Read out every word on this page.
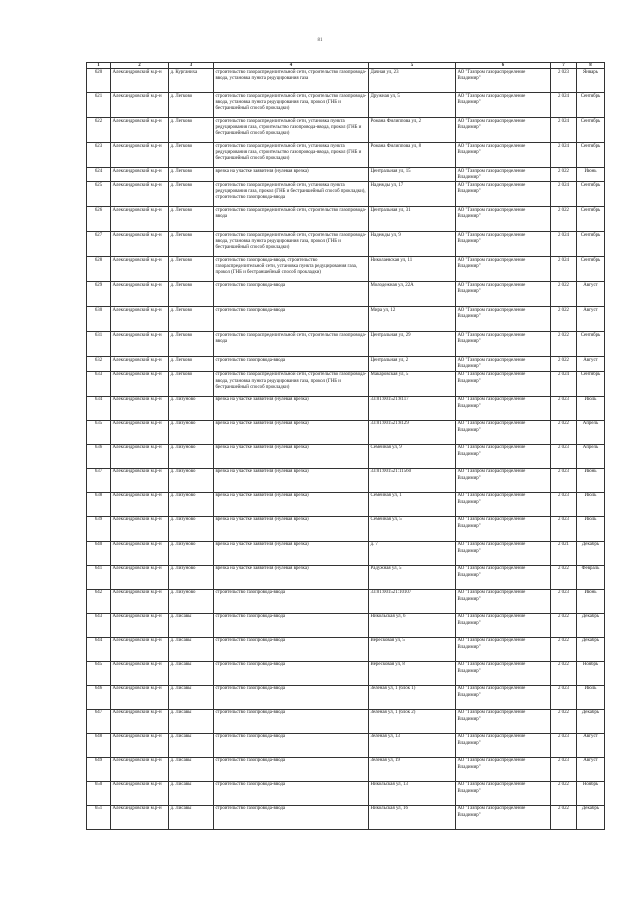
81
1	2	3	4	5	6	7	8
620	Александровский м.р-н	д. Курганиха	строительство газораспределительной сети, строительство газопровода-ввода, установка пункта редуцирования газа	Дачная ул, 23	АО "Газпром газораспределение Владимир"	2 023	Январь
621	Александровский м.р-н	д. Легково	строительство газораспределительной сети, строительство газопровода-ввода, установка пункта редуцирования газа, прокол (ГНБ и бестраншейный способ прокладки)	Дружная ул, 5	АО "Газпром газораспределение Владимир"	2 024	Сентябрь
622	Александровский м.р-н	д. Легково	строительство газораспределительной сети, установка пункта редуцирования газа, строительство газопровода-ввода, прокол (ГНБ и бестраншейный способ прокладки)	Романа Филиппова ул, 2	АО "Газпром газораспределение Владимир"	2 024	Сентябрь
623	Александровский м.р-н	д. Легково	строительство газораспределительной сети, установка пункта редуцирования газа, строительство газопровода-ввода, прокол (ГНБ и бестраншейный способ прокладки)	Романа Филиппова ул, 8	АО "Газпром газораспределение Владимир"	2 024	Сентябрь
624	Александровский м.р-н	д. Легково	врезка на участке заявителя (нулевая врезка)	Центральная ул, 15	АО "Газпром газораспределение Владимир"	2 022	Июнь
625	Александровский м.р-н	д. Легково	строительство газораспределительной сети, установка пункта редуцирования газа, прокол (ГНБ и бестраншейный способ прокладки), строительство газопровода-ввода	Надежды ул, 17	АО "Газпром газораспределение Владимир"	2 024	Сентябрь
626	Александровский м.р-н	д. Легково	строительство газораспределительной сети, строительство газопровода-ввода	Центральная ул, 31	АО "Газпром газораспределение Владимир"	2 022	Сентябрь
627	Александровский м.р-н	д. Легково	строительство газораспределительной сети, строительство газопровода-ввода, установка пункта редуцирования газа, прокол (ГНБ и бестраншейный способ прокладки)	Надежды ул, 9	АО "Газпром газораспределение Владимир"	2 024	Сентябрь
628	Александровский м.р-н	д. Легково	строительство газопровода-ввода, строительство газораспределительной сети, установка пункта редуцирования газа, прокол (ГНБ и бестраншейный способ прокладки)	Николаевская ул, 11	АО "Газпром газораспределение Владимир"	2 024	Сентябрь
629	Александровский м.р-н	д. Легково	строительство газопровода-ввода	Молодежная ул, 22А	АО "Газпром газораспределение Владимир"	2 022	Август
630	Александровский м.р-н	д. Легково	строительство газопровода-ввода	Мира ул, 12	АО "Газпром газораспределение Владимир"	2 022	Август
631	Александровский м.р-н	д. Легково	строительство газораспределительной сети, строительство газопровода-ввода	Центральная ул, 29	АО "Газпром газораспределение Владимир"	2 022	Сентябрь
632	Александровский м.р-н	д. Легково	строительство газопровода-ввода	Центральная ул, 2	АО "Газпром газораспределение Владимир"	2 022	Август
633	Александровский м.р-н	д. Легково	строительство газораспределительной сети, строительство газопровода-ввода, установка пункта редуцирования газа, прокол (ГНБ и бестраншейный способ прокладки)	Макаровская ул, 5	АО "Газпром газораспределение Владимир"	2 024	Сентябрь
634	Александровский м.р-н	д. Лизуново	врезка на участке заявителя (нулевая врезка)	33:01:001521:8117	АО "Газпром газораспределение Владимир"	2 023	Июль
635	Александровский м.р-н	д. Лизуново	врезка на участке заявителя (нулевая врезка)	33:01:001521:8129	АО "Газпром газораспределение Владимир"	2 022	Апрель
636	Александровский м.р-н	д. Лизуново	врезка на участке заявителя (нулевая врезка)	Семейная ул, 9	АО "Газпром газораспределение Владимир"	2 023	Апрель
637	Александровский м.р-н	д. Лизуново	врезка на участке заявителя (нулевая врезка)	33:01:001521:11560	АО "Газпром газораспределение Владимир"	2 023	Июнь
638	Александровский м.р-н	д. Лизуново	врезка на участке заявителя (нулевая врезка)	Семейная ул, 1	АО "Газпром газораспределение Владимир"	2 023	Июль
639	Александровский м.р-н	д. Лизуново	врезка на участке заявителя (нулевая врезка)	Семейная ул, 5	АО "Газпром газораспределение Владимир"	2 023	Июль
640	Александровский м.р-н	д. Лизуново	врезка на участке заявителя (нулевая врезка)	д. 7	АО "Газпром газораспределение Владимир"	2 021	Декабрь
641	Александровский м.р-н	д. Лизуново	врезка на участке заявителя (нулевая врезка)	Радужная ул, 5	АО "Газпром газораспределение Владимир"	2 022	Февраль
642	Александровский м.р-н	д. Лизуново	строительство газопровода-ввода	33:01:001521:10107	АО "Газпром газораспределение Владимир"	2 023	Июнь
643	Александровский м.р-н	д. Лисавы	строительство газопровода-ввода	Никольская ул, 6	АО "Газпром газораспределение Владимир"	2 022	Декабрь
644	Александровский м.р-н	д. Лисавы	строительство газопровода-ввода	Вересковая ул, 5	АО "Газпром газораспределение Владимир"	2 022	Декабрь
645	Александровский м.р-н	д. Лисавы	строительство газопровода-ввода	Вересковая ул, 8	АО "Газпром газораспределение Владимир"	2 022	Ноябрь
646	Александровский м.р-н	д. Лисавы	строительство газопровода-ввода	Зеленая ул, 1 (блок 1)	АО "Газпром газораспределение Владимир"	2 023	Июль
647	Александровский м.р-н	д. Лисавы	строительство газопровода-ввода	Зеленая ул, 1 (блок 2)	АО "Газпром газораспределение Владимир"	2 022	Декабрь
648	Александровский м.р-н	д. Лисавы	строительство газопровода-ввода	Зеленая ул, 13	АО "Газпром газораспределение Владимир"	2 023	Август
649	Александровский м.р-н	д. Лисавы	строительство газопровода-ввода	Зеленая ул, 19	АО "Газпром газораспределение Владимир"	2 023	Август
650	Александровский м.р-н	д. Лисавы	строительство газопровода-ввода	Никольская ул, 13	АО "Газпром газораспределение Владимир"	2 022	Ноябрь
651	Александровский м.р-н	д. Лисавы	строительство газопровода-ввода	Никольская ул, 16	АО "Газпром газораспределение Владимир"	2 022	Декабрь
